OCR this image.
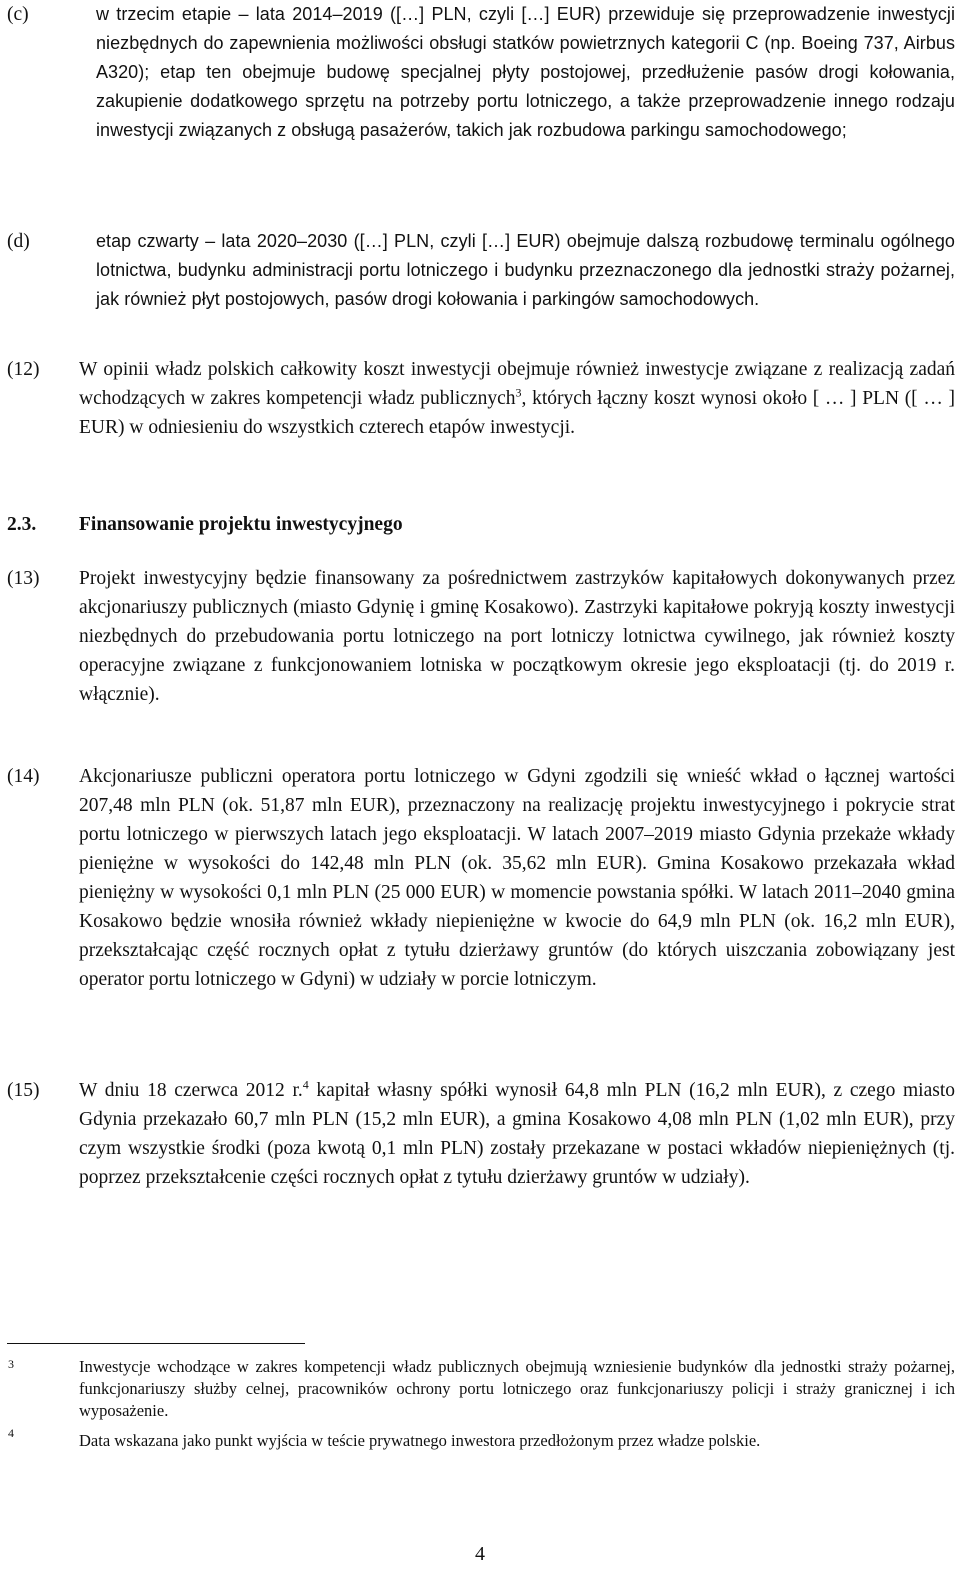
(c)	w trzecim etapie – lata 2014–2019 ([…] PLN, czyli […] EUR) przewiduje się przeprowadzenie inwestycji niezbędnych do zapewnienia możliwości obsługi statków powietrznych kategorii C (np. Boeing 737, Airbus A320); etap ten obejmuje budowę specjalnej płyty postojowej, przedłużenie pasów drogi kołowania, zakupienie dodatkowego sprzętu na potrzeby portu lotniczego, a także przeprowadzenie innego rodzaju inwestycji związanych z obsługą pasażerów, takich jak rozbudowa parkingu samochodowego;
(d)	etap czwarty – lata 2020–2030 ([…] PLN, czyli […] EUR) obejmuje dalszą rozbudowę terminalu ogólnego lotnictwa, budynku administracji portu lotniczego i budynku przeznaczonego dla jednostki straży pożarnej, jak również płyt postojowych, pasów drogi kołowania i parkingów samochodowych.
(12) W opinii władz polskich całkowity koszt inwestycji obejmuje również inwestycje związane z realizacją zadań wchodzących w zakres kompetencji władz publicznych$^3$, których łączny koszt wynosi około [ … ] PLN ([ … ] EUR) w odniesieniu do wszystkich czterech etapów inwestycji.
2.3. Finansowanie projektu inwestycyjnego
(13) Projekt inwestycyjny będzie finansowany za pośrednictwem zastrzyków kapitałowych dokonywanych przez akcjonariuszy publicznych (miasto Gdynię i gminę Kosakowo). Zastrzyki kapitałowe pokryją koszty inwestycji niezbędnych do przebudowania portu lotniczego na port lotniczy lotnictwa cywilnego, jak również koszty operacyjne związane z funkcjonowaniem lotniska w początkowym okresie jego eksploatacji (tj. do 2019 r. włącznie).
(14) Akcjonariusze publiczni operatora portu lotniczego w Gdyni zgodzili się wnieść wkład o łącznej wartości 207,48 mln PLN (ok. 51,87 mln EUR), przeznaczony na realizację projektu inwestycyjnego i pokrycie strat portu lotniczego w pierwszych latach jego eksploatacji. W latach 2007–2019 miasto Gdynia przekaże wkłady pieniężne w wysokości do 142,48 mln PLN (ok. 35,62 mln EUR). Gmina Kosakowo przekazała wkład pieniężny w wysokości 0,1 mln PLN (25 000 EUR) w momencie powstania spółki. W latach 2011–2040 gmina Kosakowo będzie wnosiła również wkłady niepieniężne w kwocie do 64,9 mln PLN (ok. 16,2 mln EUR), przekształcając część rocznych opłat z tytułu dzierżawy gruntów (do których uiszczania zobowiązany jest operator portu lotniczego w Gdyni) w udziały w porcie lotniczym.
(15) W dniu 18 czerwca 2012 r.$^4$ kapitał własny spółki wynosił 64,8 mln PLN (16,2 mln EUR), z czego miasto Gdynia przekazało 60,7 mln PLN (15,2 mln EUR), a gmina Kosakowo 4,08 mln PLN (1,02 mln EUR), przy czym wszystkie środki (poza kwotą 0,1 mln PLN) zostały przekazane w postaci wkładów niepieniężnych (tj. poprzez przekształcenie części rocznych opłat z tytułu dzierżawy gruntów w udziały).
3	Inwestycje wchodzące w zakres kompetencji władz publicznych obejmują wzniesienie budynków dla jednostki straży pożarnej, funkcjonariuszy służby celnej, pracowników ochrony portu lotniczego oraz funkcjonariuszy policji i straży granicznej i ich wyposażenie.
4	Data wskazana jako punkt wyjścia w teście prywatnego inwestora przedłożonym przez władze polskie.
4
